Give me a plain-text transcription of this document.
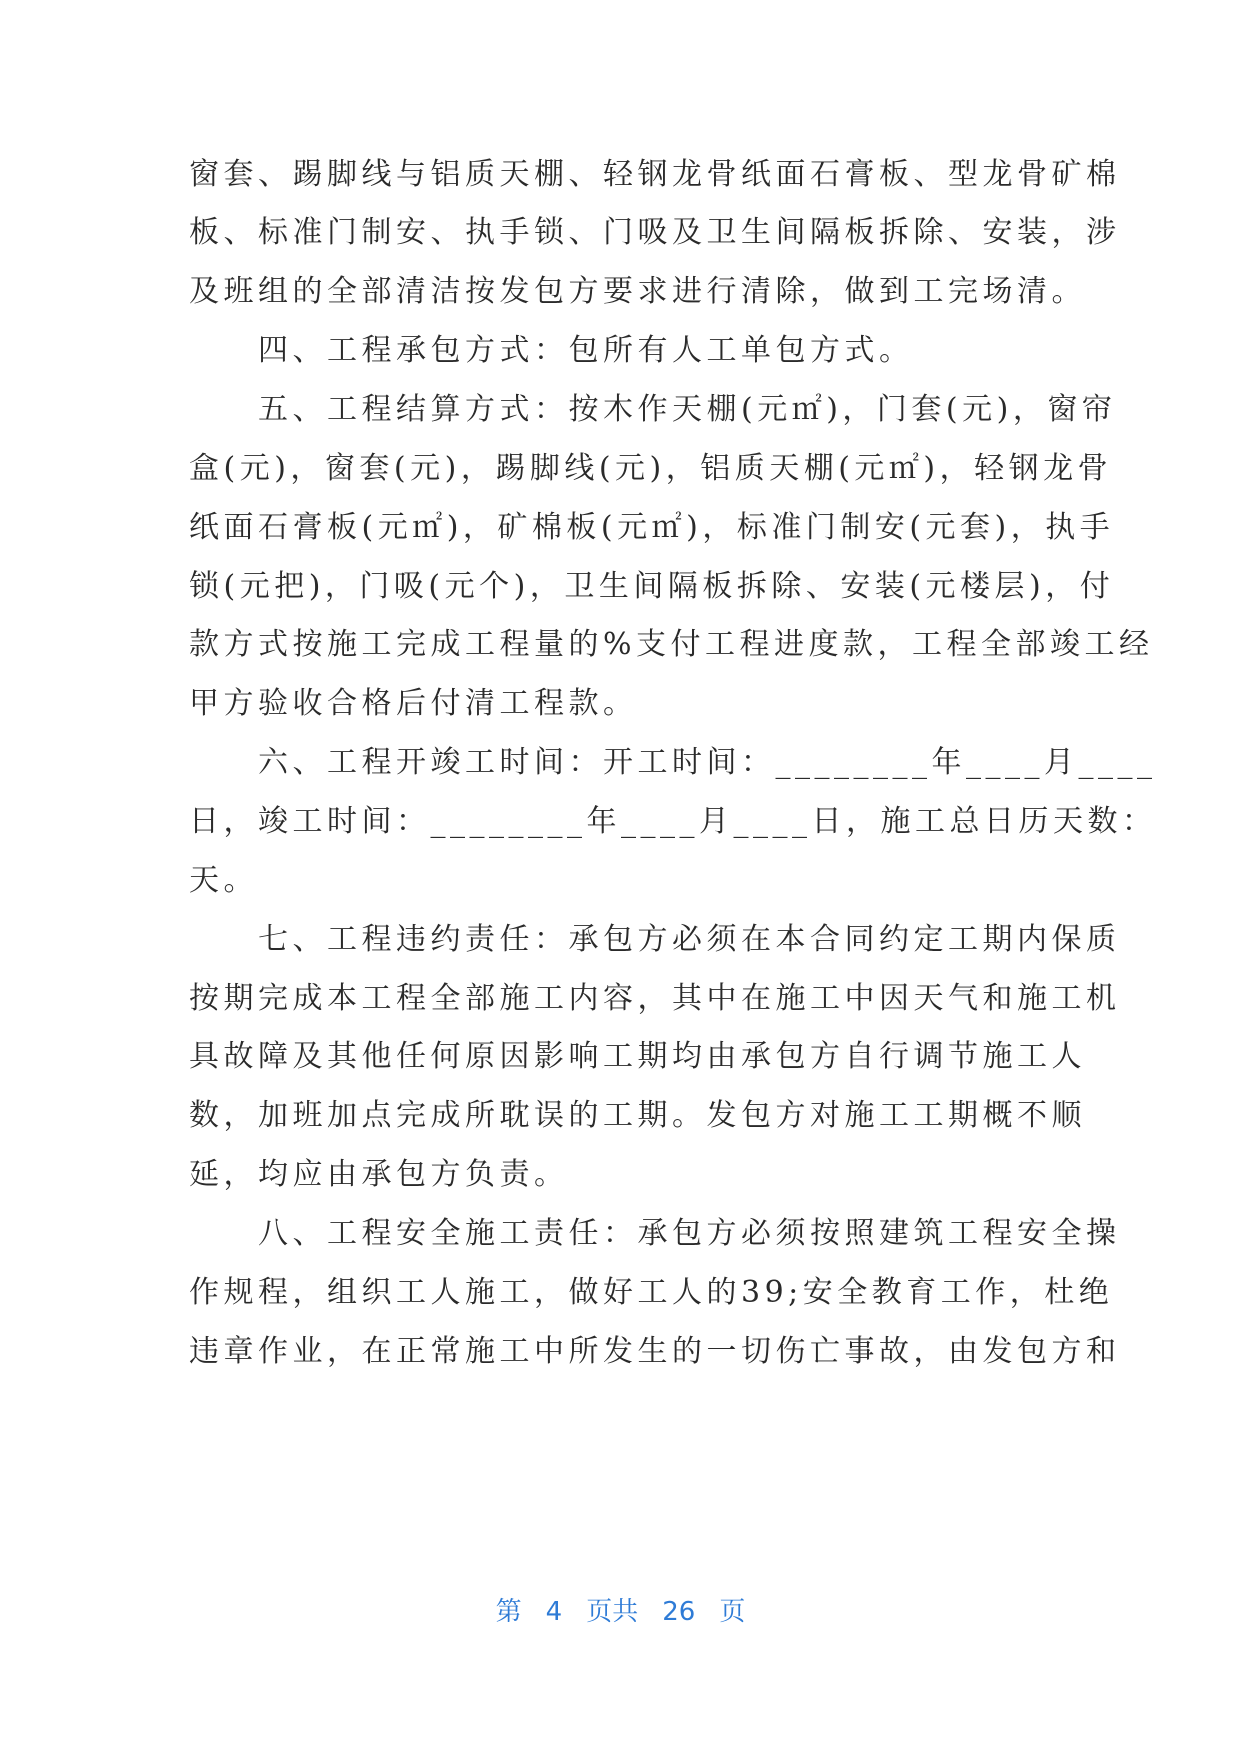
窗套、踢脚线与铝质天棚、轻钢龙骨纸面石膏板、型龙骨矿棉
板、标准门制安、执手锁、门吸及卫生间隔板拆除、安装，涉
及班组的全部清洁按发包方要求进行清除，做到工完场清。
　　四、工程承包方式：包所有人工单包方式。
　　五、工程结算方式：按木作天棚(元㎡)，门套(元)，窗帘
盒(元)，窗套(元)，踢脚线(元)，铝质天棚(元㎡)，轻钢龙骨
纸面石膏板(元㎡)，矿棉板(元㎡)，标准门制安(元套)，执手
锁(元把)，门吸(元个)，卫生间隔板拆除、安装(元楼层)，付
款方式按施工完成工程量的%支付工程进度款，工程全部竣工经
甲方验收合格后付清工程款。
　　六、工程开竣工时间：开工时间：________年____月____
日，竣工时间：________年____月____日，施工总日历天数：
天。
　　七、工程违约责任：承包方必须在本合同约定工期内保质
按期完成本工程全部施工内容，其中在施工中因天气和施工机
具故障及其他任何原因影响工期均由承包方自行调节施工人
数，加班加点完成所耽误的工期。发包方对施工工期概不顺
延，均应由承包方负责。
　　八、工程安全施工责任：承包方必须按照建筑工程安全操
作规程，组织工人施工，做好工人的39;安全教育工作，杜绝
违章作业，在正常施工中所发生的一切伤亡事故，由发包方和
第 4 页共 26 页
